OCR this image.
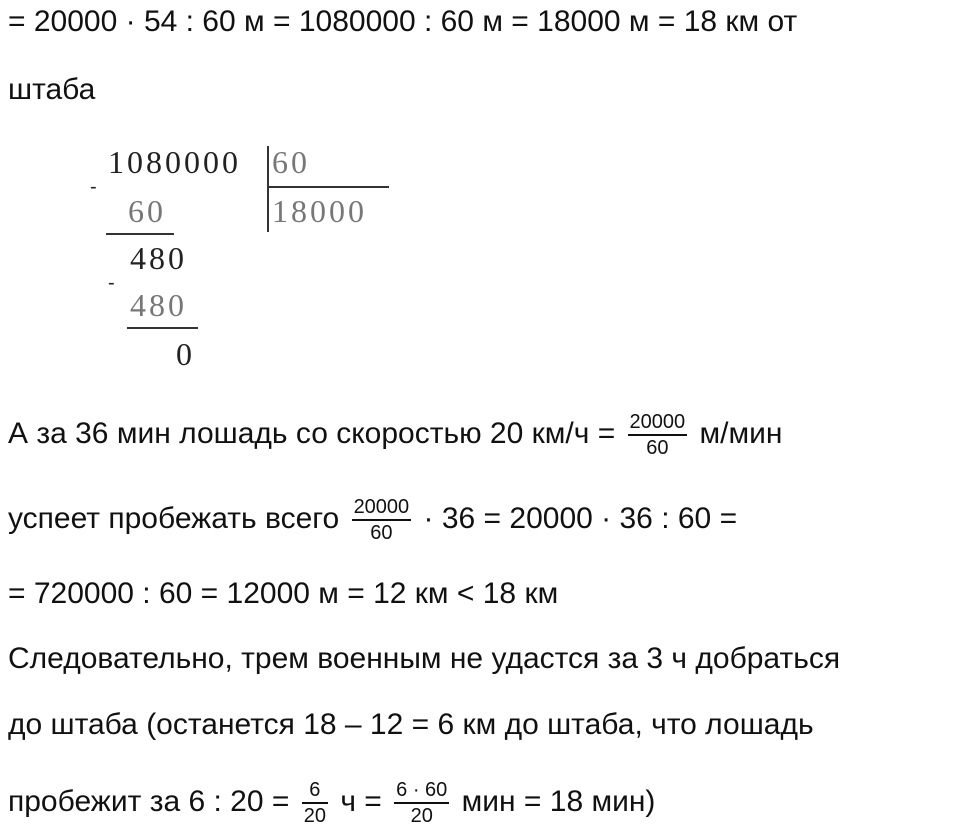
= 20000 · 54 : 60 м = 1080000 : 60 м = 18000 м = 18 км от
штаба
-
1080000 60
18000
60
-
480
480
0
А за 36 мин лошадь со скоростью 20 $км/ч = \frac{20000}{60} м/мин$
успеет пробежать всего $\frac{20000}{60} \cdot 36 = 20000 \cdot 36$ : 60 =
= 720000 : 60 = 12000 м = 12 км < 18 км
Следовательно, трем военным не удастся за 3 ч добраться
до штаба (останется 18 – 12 = 6 км до штаба, что лошадь
пробежит за 6 : $20 = \frac{6}{20}$ $ч = \frac{6 \cdot 60}{20}$ мин = 18 мин)
